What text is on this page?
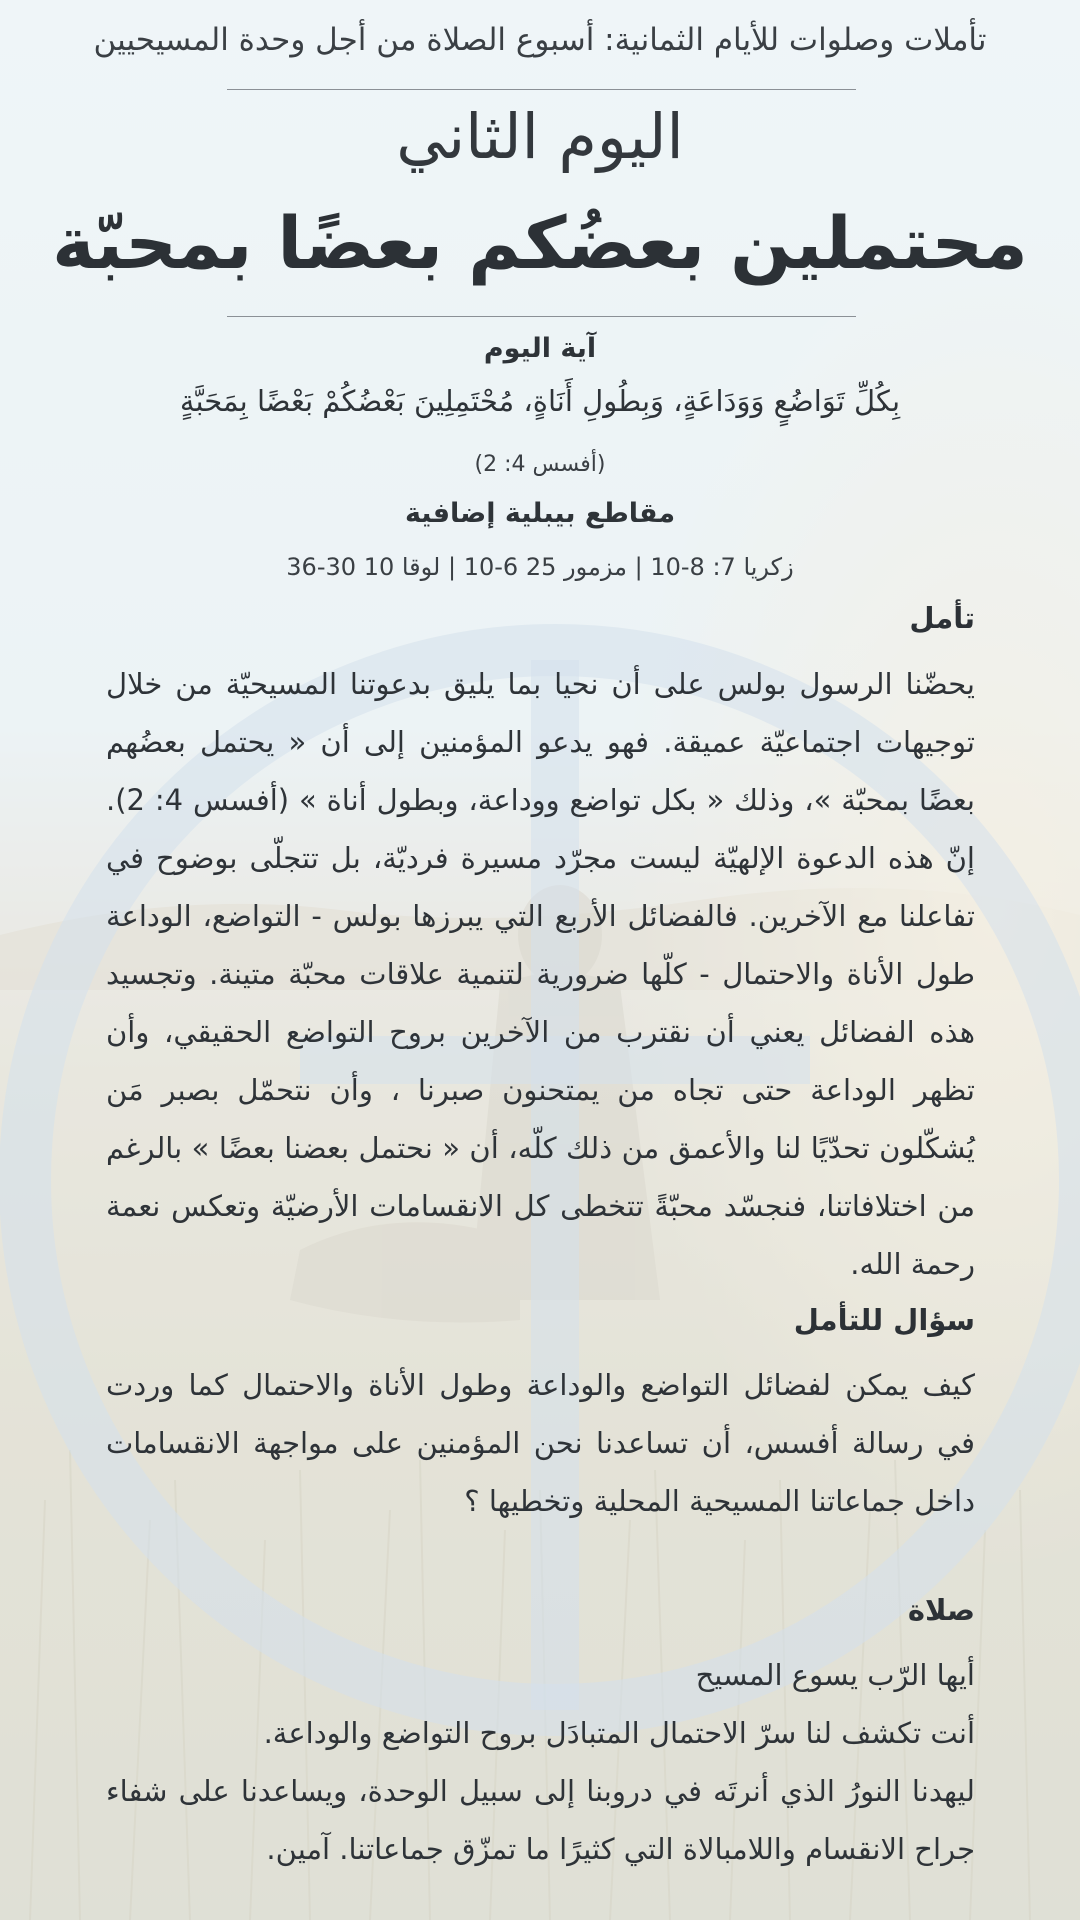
تأملات وصلوات للأيام الثمانية: أسبوع الصلاة من أجل وحدة المسيحيين
اليوم الثاني
محتملين بعضُكم بعضًا بمحبّة
آية اليوم
بِكُلِّ تَوَاضُعٍ وَوَدَاعَةٍ، وَبِطُولِ أَنَاةٍ، مُحْتَمِلِينَ بَعْضُكُمْ بَعْضًا بِمَحَبَّةٍ
(أفسس 4: 2)
مقاطع بيبلية إضافية
زكريا 7: 8-10 | مزمور 25 6-10 | لوقا 10 30-36
تأمل
يحضّنا الرسول بولس على أن نحيا بما يليق بدعوتنا المسيحيّة من خلال توجيهات اجتماعيّة عميقة. فهو يدعو المؤمنين إلى أن « يحتمل بعضُهم بعضًا بمحبّة »، وذلك « بكل تواضع ووداعة، وبطول أناة » (أفسس 4: 2). إنّ هذه الدعوة الإلهيّة ليست مجرّد مسيرة فرديّة، بل تتجلّى بوضوح في تفاعلنا مع الآخرين. فالفضائل الأربع التي يبرزها بولس - التواضع، الوداعة طول الأناة والاحتمال - كلّها ضرورية لتنمية علاقات محبّة متينة. وتجسيد هذه الفضائل يعني أن نقترب من الآخرين بروح التواضع الحقيقي، وأن تظهر الوداعة حتى تجاه من يمتحنون صبرنا ، وأن نتحمّل بصبر مَن يُشكّلون تحدّيًا لنا والأعمق من ذلك كلّه، أن « نحتمل بعضنا بعضًا » بالرغم من اختلافاتنا، فنجسّد محبّةً تتخطى كل الانقسامات الأرضيّة وتعكس نعمة رحمة الله.
سؤال للتأمل
كيف يمكن لفضائل التواضع والوداعة وطول الأناة والاحتمال كما وردت في رسالة أفسس، أن تساعدنا نحن المؤمنين على مواجهة الانقسامات داخل جماعاتنا المسيحية المحلية وتخطيها ؟
صلاة
أيها الرّب يسوع المسيح
أنت تكشف لنا سرّ الاحتمال المتبادَل بروح التواضع والوداعة.
ليهدنا النورُ الذي أنرتَه في دروبنا إلى سبيل الوحدة، ويساعدنا على شفاء جراح الانقسام واللامبالاة التي كثيرًا ما تمزّق جماعاتنا. آمين.
